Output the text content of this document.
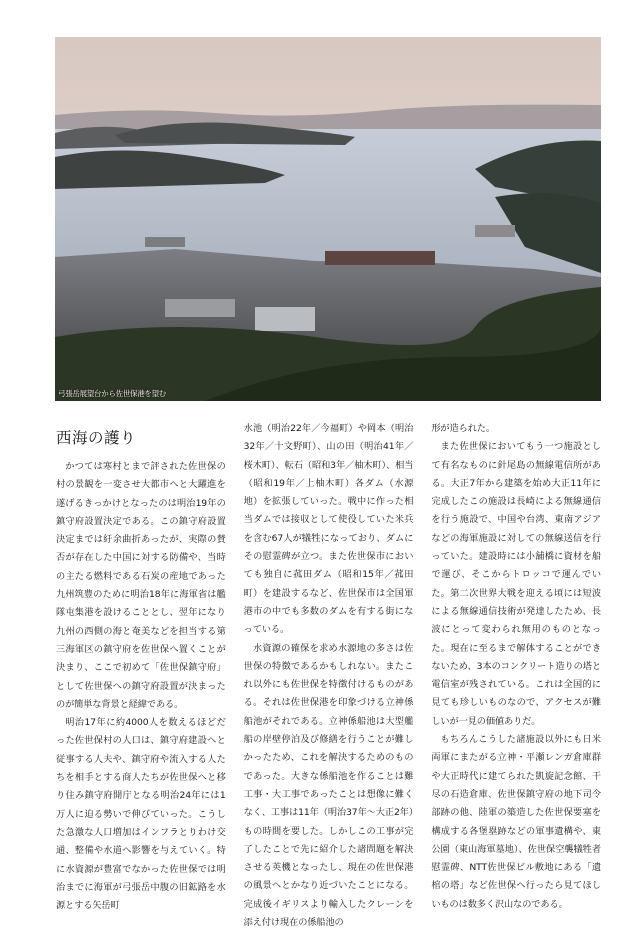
弓張岳展望台から佐世保港を望む
西海の護り

かつては寒村とまで評された佐世保の村の景観を一変させ大都市へと大躍進を遂げるきっかけとなったのは明治19年の鎮守府設置決定である。この鎮守府設置決定までは紆余曲折あったが、実際の賛否が存在した中国に対する防備や、当時の主たる燃料である石炭の産地であった九州筑豊のために明治18年に海軍省は艦隊屯集港を設けることとし、翌年になり九州の西側の海と奄美などを担当する第三海軍区の鎮守府を佐世保へ置くことが決まり、ここで初めて「佐世保鎮守府」として佐世保への鎮守府設置が決まったのが簡単な背景と経緯である。

明治17年に約4000人を数えるほどだった佐世保村の人口は、鎮守府建設へと従事する人夫や、鎮守府や流入する人たちを相手とする商人たちが佐世保へと移り住み鎮守府開庁となる明治24年には1万人に迫る勢いで伸びていった。こうした急激な人口増加はインフラとりわけ交通、整備や水道へ影響を与えていく。特に水資源が豊富でなかった佐世保では明治までに海軍が弓張岳中腹の旧鉱路を水源とする矢岳町

水池（明治22年／今福町）や岡本（明治32年／十文野町）、山の田（明治41年／桜木町）、転石（昭和3年／柚木町）、相当（昭和19年／上柚木町）各ダム（水源地）を拡張していった。戦中に作った相当ダムでは接収として使役していた米兵を含む67人が犠牲になっており、ダムにその慰霊碑が立つ。また佐世保市においても独自に菰田ダム（昭和15年／菰田町）を建設するなど、佐世保市は全国軍港市の中でも多数のダムを有する街になっている。

水資源の確保を求め水源地の多さは佐世保の特徴であるかもしれない。またこれ以外にも佐世保を特徴付けるものがある。それは佐世保港を印象づける立神係船池がそれである。立神係船池は大型艦船の岸壁停泊及び修繕を行うことが難しかったため、これを解決するためのものであった。大きな係船池を作ることは難工事・大工事であったことは想像に難くなく、工事は11年（明治37年〜大正2年）もの時間を要した。しかしこの工事が完了したことで先に紹介した諸問題を解決させる英機となったし、現在の佐世保港の風景へとかなり近づいたことになる。完成後イギリスより輸入したクレーンを添え付け現在の係船池の

形が造られた。

また佐世保においてもう一つ施設として有名なものに針尾島の無線電信所がある。大正7年から建築を始め大正11年に完成したこの施設は長崎による無線通信を行う施設で、中国や台湾、東南アジアなどの海軍施設に対しての無線送信を行っていた。建設時には小舗橋に資材を船で運び、そこからトロッコで運んでいた。第二次世界大戦を迎える頃には短波による無線通信技術が発達したため、長波にとって変わられ無用のものとなった。現在に至るまで解体することができないため、3本のコンクリート造りの塔と電信室が残されている。これは全国的に見ても珍しいものなので、アクセスが難しいが一見の価値ありだ。

もちろんこうした諸施設以外にも日米両軍にまたがる立神・平瀬レンガ倉庫群や大正時代に建てられた凱旋記念館、干尽の石造倉庫、佐世保鎮守府の地下司令部跡の他、陸軍の築造した佐世保要塞を構成する各堡塁跡などの軍事遺構や、東公園（東山海軍墓地）、佐世保空襲犠牲者慰霊碑、NTT佐世保ビル敷地にある「遺棺の塔」など佐世保へ行ったら見てほしいものは数多く沢山なのである。
